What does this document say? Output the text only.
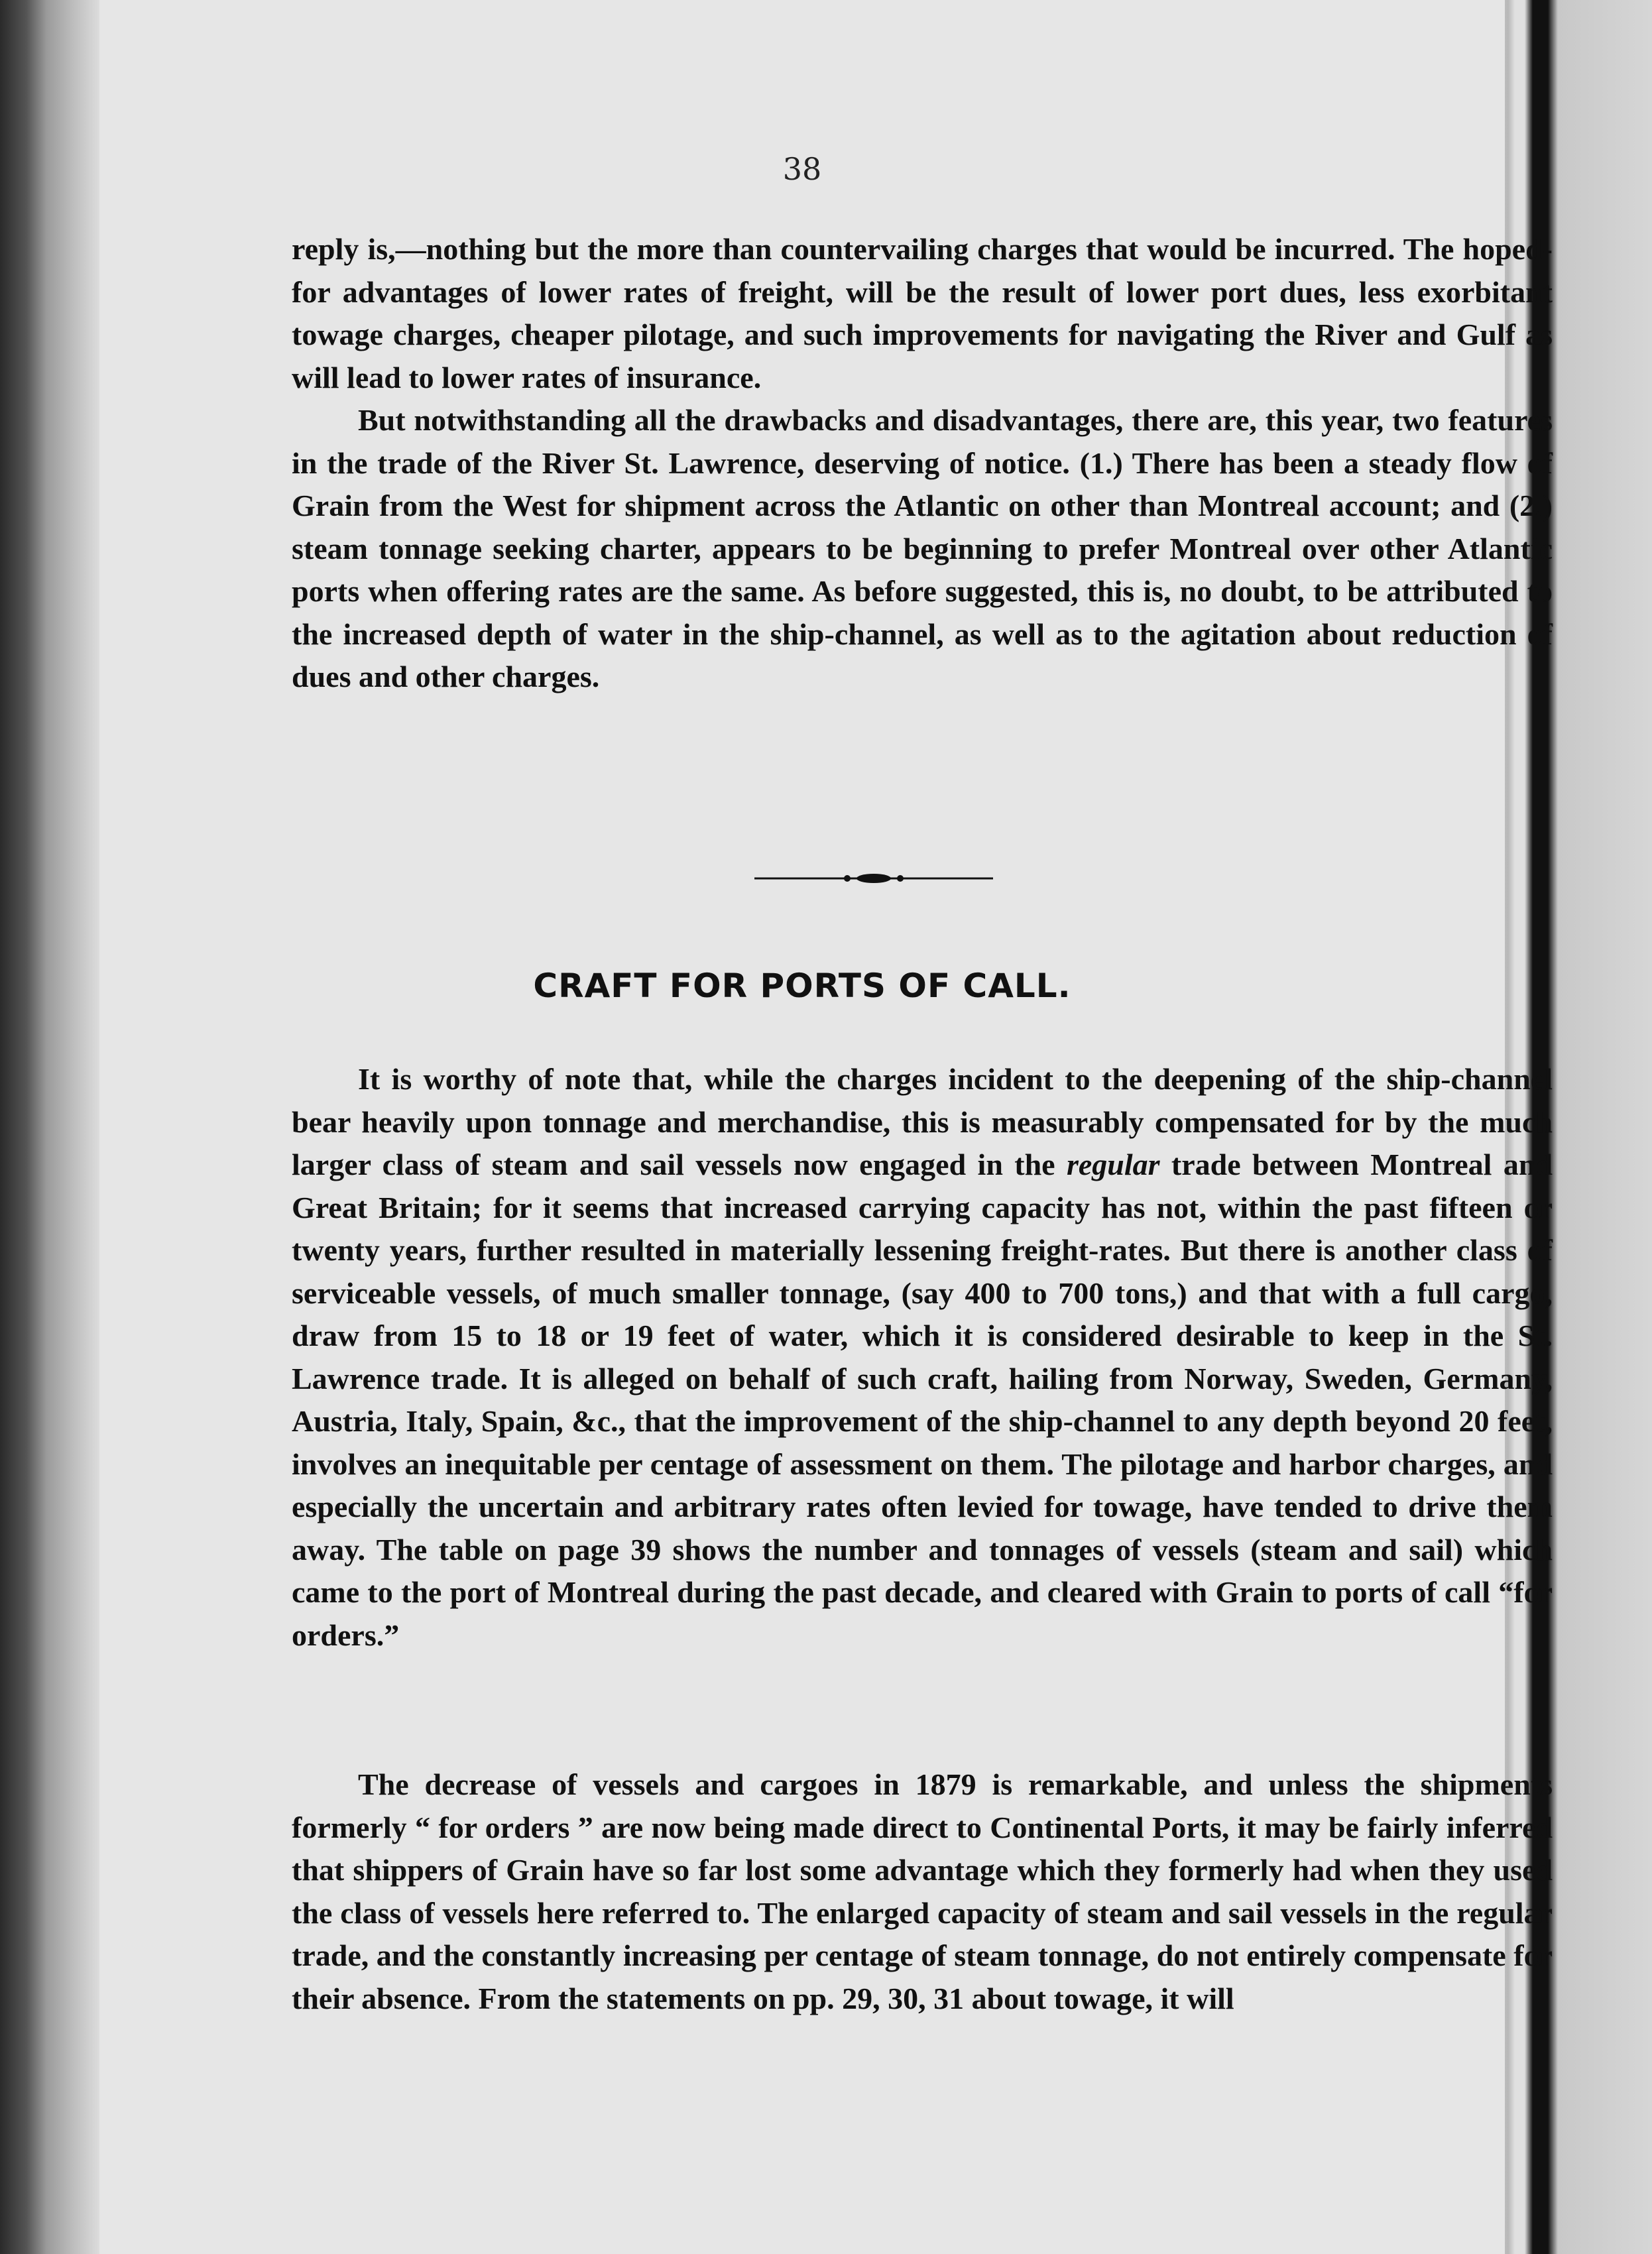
38

reply is,—nothing but the more than countervailing charges that would be incurred. The hoped-for advantages of lower rates of freight, will be the result of lower port dues, less exorbitant towage charges, cheaper pilotage, and such improvements for navigating the River and Gulf as will lead to lower rates of insurance.

But notwithstanding all the drawbacks and disadvantages, there are, this year, two features in the trade of the River St. Lawrence, deserving of notice. (1.) There has been a steady flow of Grain from the West for shipment across the Atlantic on other than Montreal account; and (2.) steam tonnage seeking charter, appears to be beginning to prefer Montreal over other Atlantic ports when offering rates are the same. As before suggested, this is, no doubt, to be attributed to the increased depth of water in the ship-channel, as well as to the agitation about reduction of dues and other charges.

CRAFT FOR PORTS OF CALL.

It is worthy of note that, while the charges incident to the deepening of the ship-channel bear heavily upon tonnage and merchandise, this is measurably compensated for by the much larger class of steam and sail vessels now engaged in the regular trade between Montreal and Great Britain; for it seems that increased carrying capacity has not, within the past fifteen or twenty years, further resulted in materially lessening freight-rates. But there is another class of serviceable vessels, of much smaller tonnage, (say 400 to 700 tons,) and that with a full cargo, draw from 15 to 18 or 19 feet of water, which it is considered desirable to keep in the St. Lawrence trade. It is alleged on behalf of such craft, hailing from Norway, Sweden, Germany, Austria, Italy, Spain, &c., that the improvement of the ship-channel to any depth beyond 20 feet, involves an inequitable per centage of assessment on them. The pilotage and harbor charges, and especially the uncertain and arbitrary rates often levied for towage, have tended to drive them away. The table on page 39 shows the number and tonnages of vessels (steam and sail) which came to the port of Montreal during the past decade, and cleared with Grain to ports of call “for orders.”

The decrease of vessels and cargoes in 1879 is remarkable, and unless the shipments formerly “ for orders ” are now being made direct to Continental Ports, it may be fairly inferred that shippers of Grain have so far lost some advantage which they formerly had when they used the class of vessels here referred to. The enlarged capacity of steam and sail vessels in the regular trade, and the constantly increasing per centage of steam tonnage, do not entirely compensate for their absence. From the statements on pp. 29, 30, 31 about towage, it will
